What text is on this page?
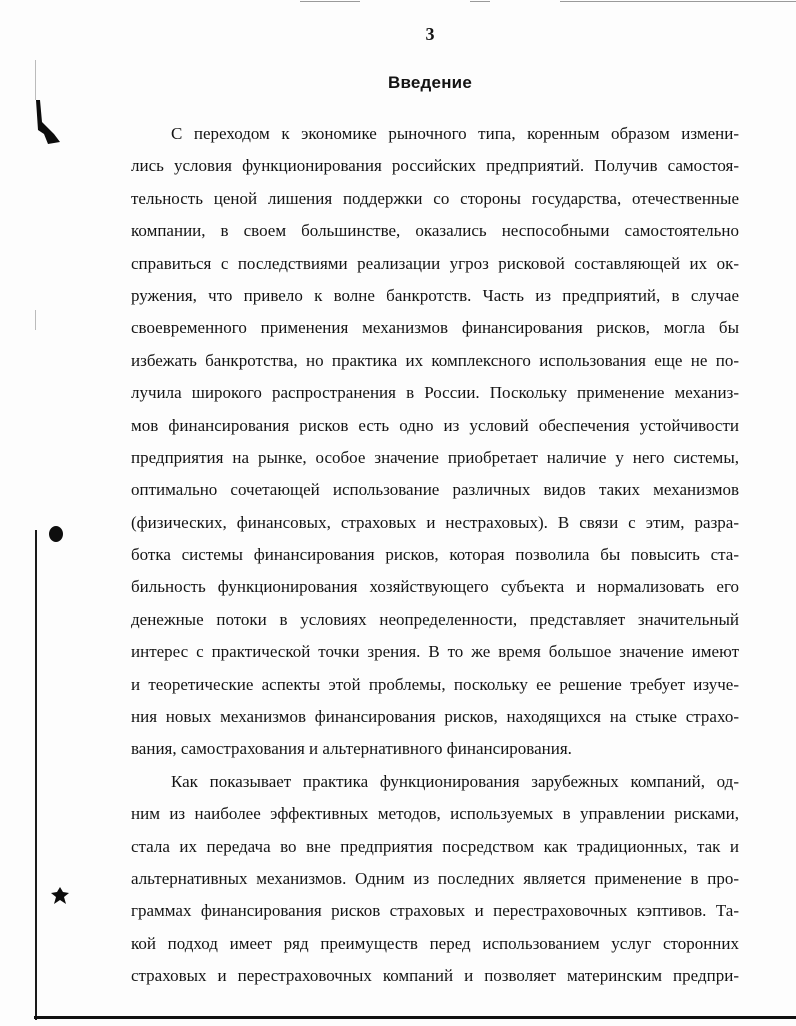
3
Введение
С переходом к экономике рыночного типа, коренным образом измени-
лись условия функционирования российских предприятий. Получив самостоя-
тельность ценой лишения поддержки со стороны государства, отечественные
компании, в своем большинстве, оказались неспособными самостоятельно
справиться с последствиями реализации угроз рисковой составляющей их ок-
ружения, что привело к волне банкротств. Часть из предприятий, в случае
своевременного применения механизмов финансирования рисков, могла бы
избежать банкротства, но практика их комплексного использования еще не по-
лучила широкого распространения в России. Поскольку применение механиз-
мов финансирования рисков есть одно из условий обеспечения устойчивости
предприятия на рынке, особое значение приобретает наличие у него системы,
оптимально сочетающей использование различных видов таких механизмов
(физических, финансовых, страховых и нестраховых). В связи с этим, разра-
ботка системы финансирования рисков, которая позволила бы повысить ста-
бильность функционирования хозяйствующего субъекта и нормализовать его
денежные потоки в условиях неопределенности, представляет значительный
интерес с практической точки зрения. В то же время большое значение имеют
и теоретические аспекты этой проблемы, поскольку ее решение требует изуче-
ния новых механизмов финансирования рисков, находящихся на стыке страхо-
вания, самострахования и альтернативного финансирования.
Как показывает практика функционирования зарубежных компаний, од-
ним из наиболее эффективных методов, используемых в управлении рисками,
стала их передача во вне предприятия посредством как традиционных, так и
альтернативных механизмов. Одним из последних является применение в про-
граммах финансирования рисков страховых и перестраховочных кэптивов. Та-
кой подход имеет ряд преимуществ перед использованием услуг сторонних
страховых и перестраховочных компаний и позволяет материнским предпри-
